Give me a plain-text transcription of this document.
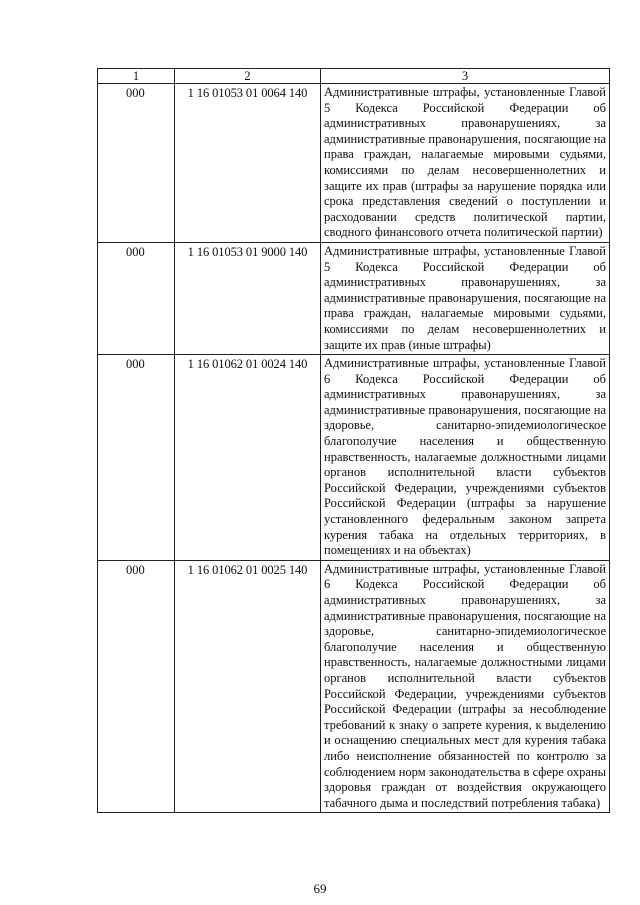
1	2	3
000	1 16 01053 01 0064 140	Административные штрафы, установленные Главой 5 Кодекса Российской Федерации об административных правонарушениях, за административные правонарушения, посягающие на права граждан, налагаемые мировыми судьями, комиссиями по делам несовершеннолетних и защите их прав (штрафы за нарушение порядка или срока представления сведений о поступлении и расходовании средств политической партии, сводного финансового отчета политической партии)
000	1 16 01053 01 9000 140	Административные штрафы, установленные Главой 5 Кодекса Российской Федерации об административных правонарушениях, за административные правонарушения, посягающие на права граждан, налагаемые мировыми судьями, комиссиями по делам несовершеннолетних и защите их прав (иные штрафы)
000	1 16 01062 01 0024 140	Административные штрафы, установленные Главой 6 Кодекса Российской Федерации об административных правонарушениях, за административные правонарушения, посягающие на здоровье, санитарно-эпидемиологическое благополучие населения и общественную нравственность, налагаемые должностными лицами органов исполнительной власти субъектов Российской Федерации, учреждениями субъектов Российской Федерации (штрафы за нарушение установленного федеральным законом запрета курения табака на отдельных территориях, в помещениях и на объектах)
000	1 16 01062 01 0025 140	Административные штрафы, установленные Главой 6 Кодекса Российской Федерации об административных правонарушениях, за административные правонарушения, посягающие на здоровье, санитарно-эпидемиологическое благополучие населения и общественную нравственность, налагаемые должностными лицами органов исполнительной власти субъектов Российской Федерации, учреждениями субъектов Российской Федерации (штрафы за несоблюдение требований к знаку о запрете курения, к выделению и оснащению специальных мест для курения табака либо неисполнение обязанностей по контролю за соблюдением норм законодательства в сфере охраны здоровья граждан от воздействия окружающего табачного дыма и последствий потребления табака)
69
